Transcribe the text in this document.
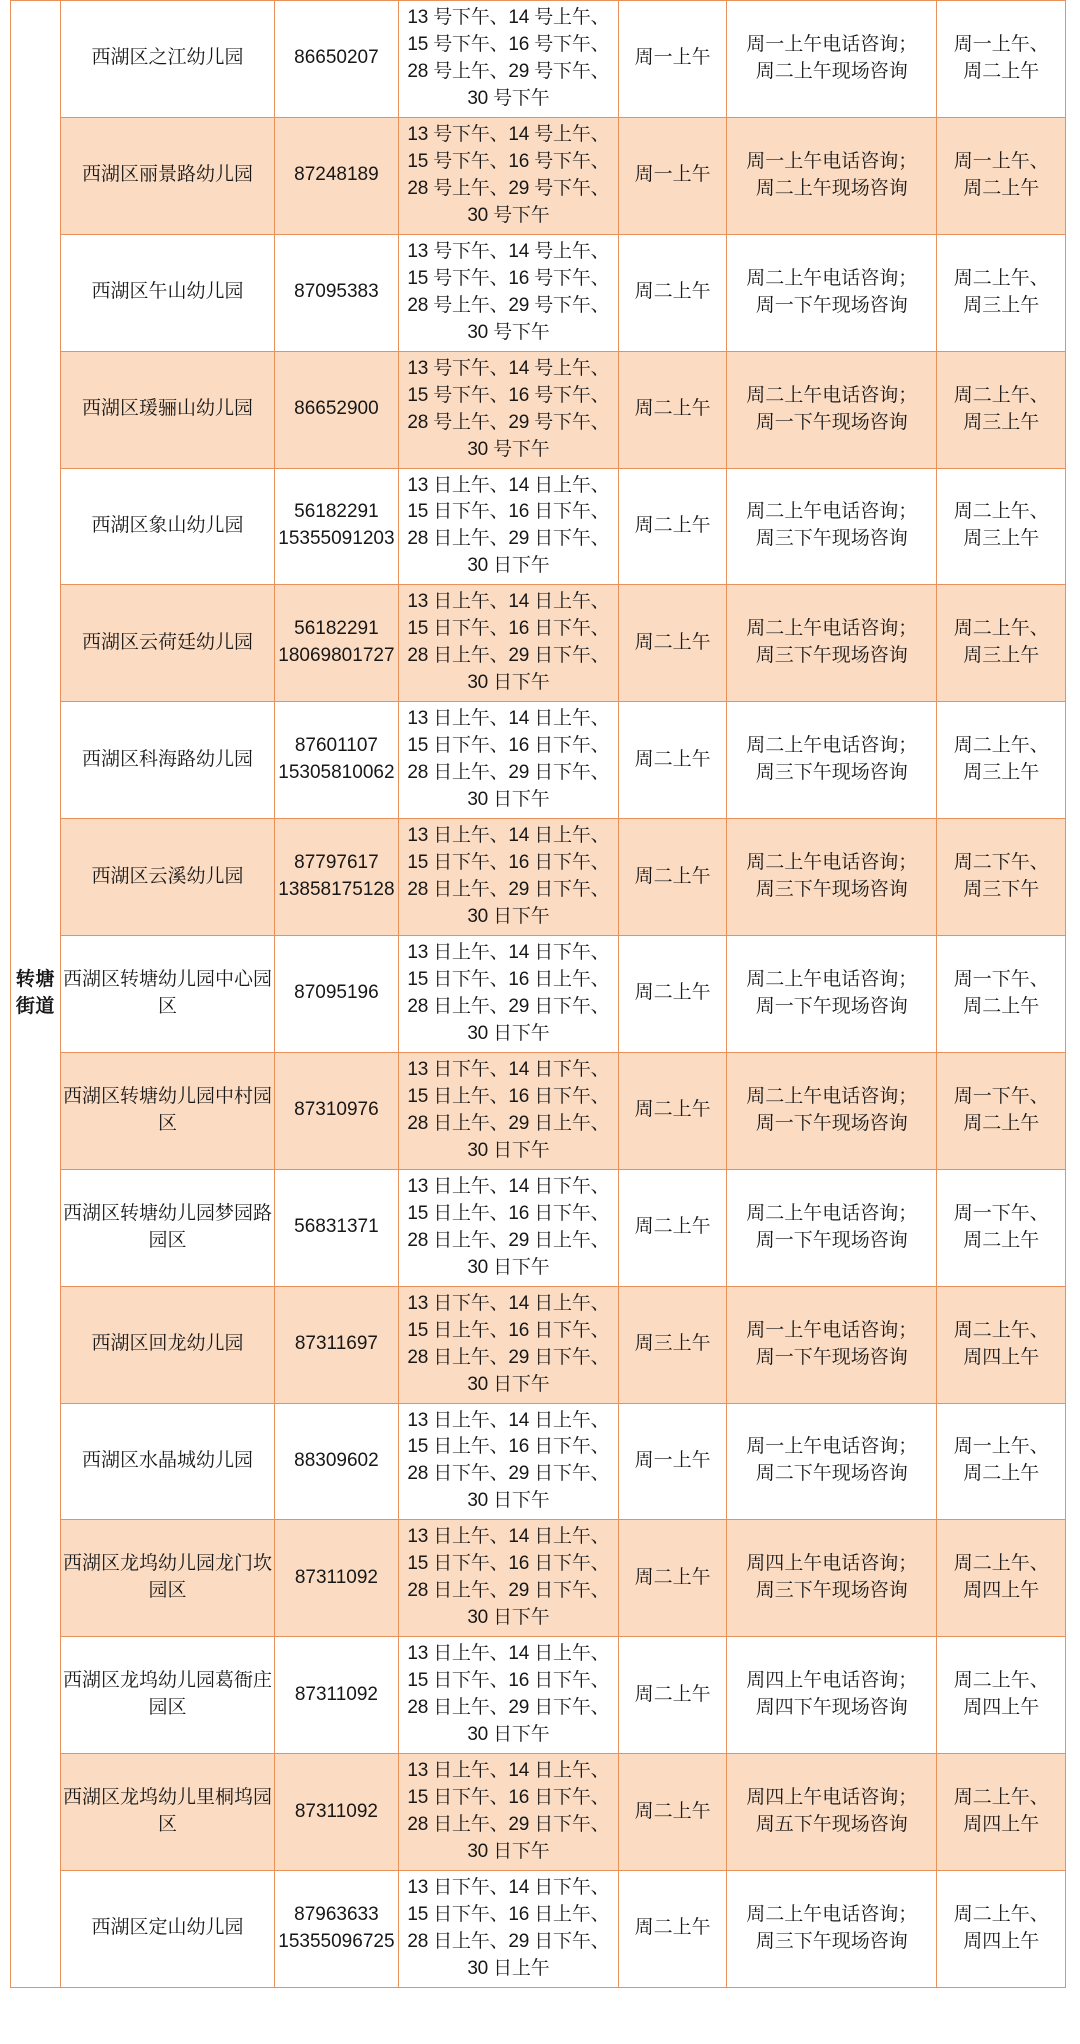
转塘
街道	西湖区之江幼儿园	86650207	13 号下午、14 号上午、
15 号下午、16 号下午、
28 号上午、29 号下午、
30 号下午	周一上午	周一上午电话咨询；
周二上午现场咨询	周一上午、
周二上午

	西湖区丽景路幼儿园	87248189	13 号下午、14 号上午、
15 号下午、16 号下午、
28 号上午、29 号下午、
30 号下午	周一上午	周一上午电话咨询；
周二上午现场咨询	周一上午、
周二上午

	西湖区午山幼儿园	87095383	13 号下午、14 号上午、
15 号下午、16 号下午、
28 号上午、29 号下午、
30 号下午	周二上午	周二上午电话咨询；
周一下午现场咨询	周二上午、
周三上午

	西湖区瑗骊山幼儿园	86652900	13 号下午、14 号上午、
15 号下午、16 号下午、
28 号上午、29 号下午、
30 号下午	周二上午	周二上午电话咨询；
周一下午现场咨询	周二上午、
周三上午

	西湖区象山幼儿园	56182291
15355091203	13 日上午、14 日上午、
15 日下午、16 日下午、
28 日上午、29 日下午、
30 日下午	周二上午	周二上午电话咨询；
周三下午现场咨询	周二上午、
周三上午

	西湖区云荷廷幼儿园	56182291
18069801727	13 日上午、14 日上午、
15 日下午、16 日下午、
28 日上午、29 日下午、
30 日下午	周二上午	周二上午电话咨询；
周三下午现场咨询	周二上午、
周三上午

	西湖区科海路幼儿园	87601107
15305810062	13 日上午、14 日上午、
15 日下午、16 日下午、
28 日上午、29 日下午、
30 日下午	周二上午	周二上午电话咨询；
周三下午现场咨询	周二上午、
周三上午

	西湖区云溪幼儿园	87797617
13858175128	13 日上午、14 日上午、
15 日下午、16 日下午、
28 日上午、29 日下午、
30 日下午	周二上午	周二上午电话咨询；
周三下午现场咨询	周二下午、
周三下午

	西湖区转塘幼儿园中心园区	87095196	13 日上午、14 日下午、
15 日下午、16 日上午、
28 日上午、29 日下午、
30 日下午	周二上午	周二上午电话咨询；
周一下午现场咨询	周一下午、
周二上午

	西湖区转塘幼儿园中村园区	87310976	13 日下午、14 日下午、
15 日上午、16 日下午、
28 日上午、29 日上午、
30 日下午	周二上午	周二上午电话咨询；
周一下午现场咨询	周一下午、
周二上午

	西湖区转塘幼儿园梦园路园区	56831371	13 日上午、14 日下午、
15 日上午、16 日下午、
28 日上午、29 日上午、
30 日下午	周二上午	周二上午电话咨询；
周一下午现场咨询	周一下午、
周二上午

	西湖区回龙幼儿园	87311697	13 日下午、14 日上午、
15 日上午、16 日下午、
28 日上午、29 日下午、
30 日下午	周三上午	周一上午电话咨询；
周一下午现场咨询	周二上午、
周四上午

	西湖区水晶城幼儿园	88309602	13 日上午、14 日上午、
15 日上午、16 日下午、
28 日下午、29 日下午、
30 日下午	周一上午	周一上午电话咨询；
周二下午现场咨询	周一上午、
周二上午

	西湖区龙坞幼儿园龙门坎园区	87311092	13 日上午、14 日上午、
15 日下午、16 日下午、
28 日上午、29 日下午、
30 日下午	周二上午	周四上午电话咨询；
周三下午现场咨询	周二上午、
周四上午

	西湖区龙坞幼儿园葛衙庄园区	87311092	13 日上午、14 日上午、
15 日下午、16 日下午、
28 日上午、29 日下午、
30 日下午	周二上午	周四上午电话咨询；
周四下午现场咨询	周二上午、
周四上午

	西湖区龙坞幼儿里桐坞园区	87311092	13 日上午、14 日上午、
15 日下午、16 日下午、
28 日上午、29 日下午、
30 日下午	周二上午	周四上午电话咨询；
周五下午现场咨询	周二上午、
周四上午

	西湖区定山幼儿园	87963633
15355096725	13 日下午、14 日下午、
15 日下午、16 日上午、
28 日上午、29 日下午、
30 日上午	周二上午	周二上午电话咨询；
周三下午现场咨询	周二上午、
周四上午
